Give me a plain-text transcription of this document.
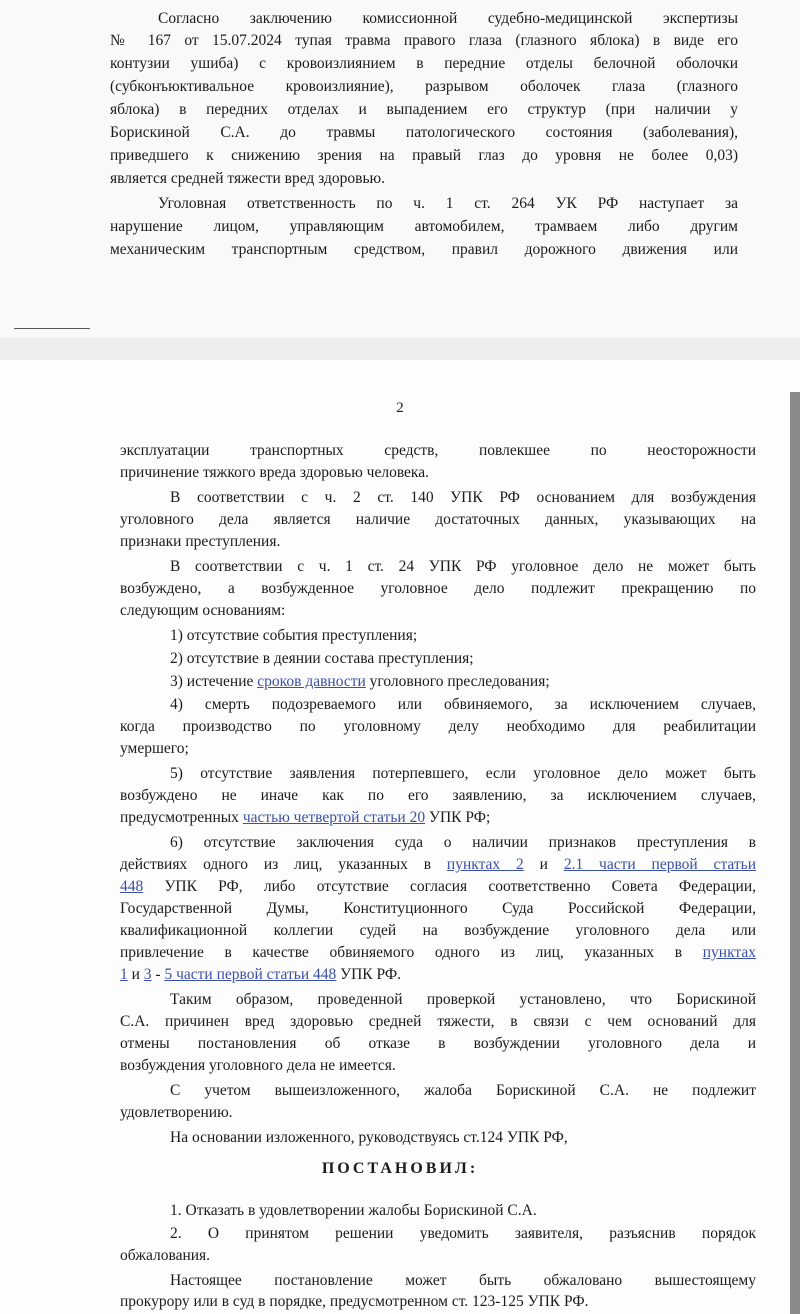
Согласно заключению комиссионной судебно-медицинской экспертизы
№ 167 от 15.07.2024 тупая травма правого глаза (глазного яблока) в виде его
контузии ушиба) с кровоизлиянием в передние отделы белочной оболочки
(субконъюктивальное кровоизлияние), разрывом оболочек глаза (глазного
яблока) в передних отделах и выпадением его структур (при наличии у
Борискиной С.А. до травмы патологического состояния (заболевания),
приведшего к снижению зрения на правый глаз до уровня не более 0,03)
является средней тяжести вред здоровью.
Уголовная ответственность по ч. 1 ст. 264 УК РФ наступает за
нарушение лицом, управляющим автомобилем, трамваем либо другим
механическим транспортным средством, правил дорожного движения или
2
эксплуатации транспортных средств, повлекшее по неосторожности
причинение тяжкого вреда здоровью человека.
В соответствии с ч. 2 ст. 140 УПК РФ основанием для возбуждения
уголовного дела является наличие достаточных данных, указывающих на
признаки преступления.
В соответствии с ч. 1 ст. 24 УПК РФ уголовное дело не может быть
возбуждено, а возбужденное уголовное дело подлежит прекращению по
следующим основаниям:
1) отсутствие события преступления;
2) отсутствие в деянии состава преступления;
3) истечение сроков давности уголовного преследования;
4) смерть подозреваемого или обвиняемого, за исключением случаев,
когда производство по уголовному делу необходимо для реабилитации
умершего;
5) отсутствие заявления потерпевшего, если уголовное дело может быть
возбуждено не иначе как по его заявлению, за исключением случаев,
предусмотренных частью четвертой статьи 20 УПК РФ;
6) отсутствие заключения суда о наличии признаков преступления в
действиях одного из лиц, указанных в пунктах 2 и 2.1 части первой статьи
448 УПК РФ, либо отсутствие согласия соответственно Совета Федерации,
Государственной Думы, Конституционного Суда Российской Федерации,
квалификационной коллегии судей на возбуждение уголовного дела или
привлечение в качестве обвиняемого одного из лиц, указанных в пунктах
1 и 3 - 5 части первой статьи 448 УПК РФ.
Таким образом, проведенной проверкой установлено, что Борискиной
С.А. причинен вред здоровью средней тяжести, в связи с чем оснований для
отмены постановления об отказе в возбуждении уголовного дела и
возбуждения уголовного дела не имеется.
С учетом вышеизложенного, жалоба Борискиной С.А. не подлежит
удовлетворению.
На основании изложенного, руководствуясь ст.124 УПК РФ,
ПОСТАНОВИЛ:
1. Отказать в удовлетворении жалобы Борискиной С.А.
2. О принятом решении уведомить заявителя, разъяснив порядок
обжалования.
Настоящее постановление может быть обжаловано вышестоящему
прокурору или в суд в порядке, предусмотренном ст. 123-125 УПК РФ.
